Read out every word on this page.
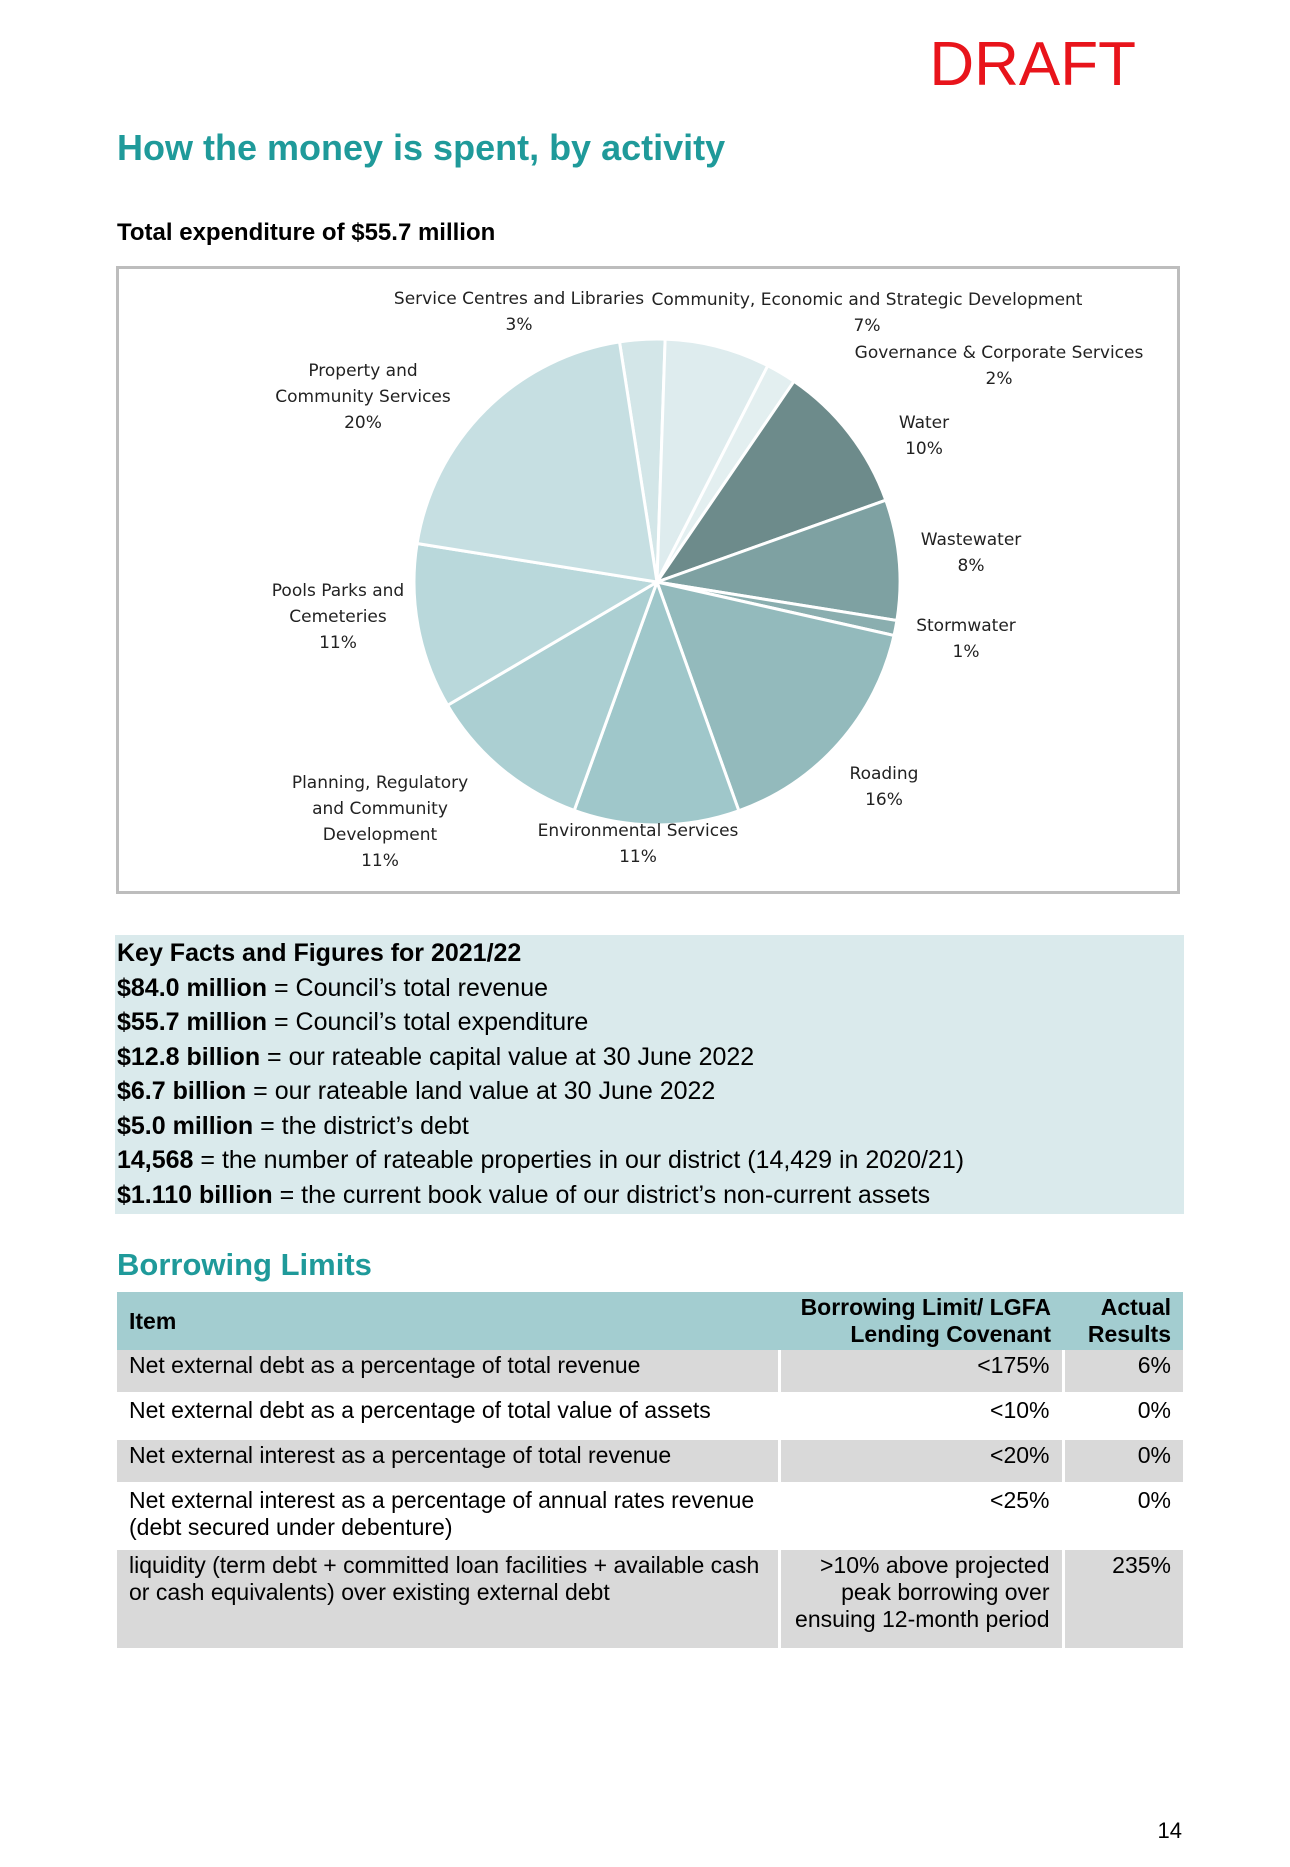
DRAFT
How the money is spent, by activity
Total expenditure of $55.7 million
Service Centres and Libraries 3%
Community, Economic and Strategic Development 7%
Governance & Corporate Services 2%
Water 10%
Wastewater 8%
Stormwater 1%
Roading 16%
Environmental Services 11%
Planning, Regulatory and Community Development 11%
Pools Parks and Cemeteries 11%
Property and Community Services 20%
Key Facts and Figures for 2021/22
$84.0 million = Council’s total revenue
$55.7 million = Council’s total expenditure
$12.8 billion = our rateable capital value at 30 June 2022
$6.7 billion = our rateable land value at 30 June 2022
$5.0 million = the district’s debt
14,568 = the number of rateable properties in our district (14,429 in 2020/21)
$1.110 billion = the current book value of our district’s non-current assets
Borrowing Limits
Item	Borrowing Limit/ LGFA Lending Covenant	Actual Results
Net external debt as a percentage of total revenue	<175%	6%
Net external debt as a percentage of total value of assets	<10%	0%
Net external interest as a percentage of total revenue	<20%	0%
Net external interest as a percentage of annual rates revenue (debt secured under debenture)	<25%	0%
liquidity (term debt + committed loan facilities + available cash or cash equivalents) over existing external debt	>10% above projected peak borrowing over ensuing 12-month period	235%
14
